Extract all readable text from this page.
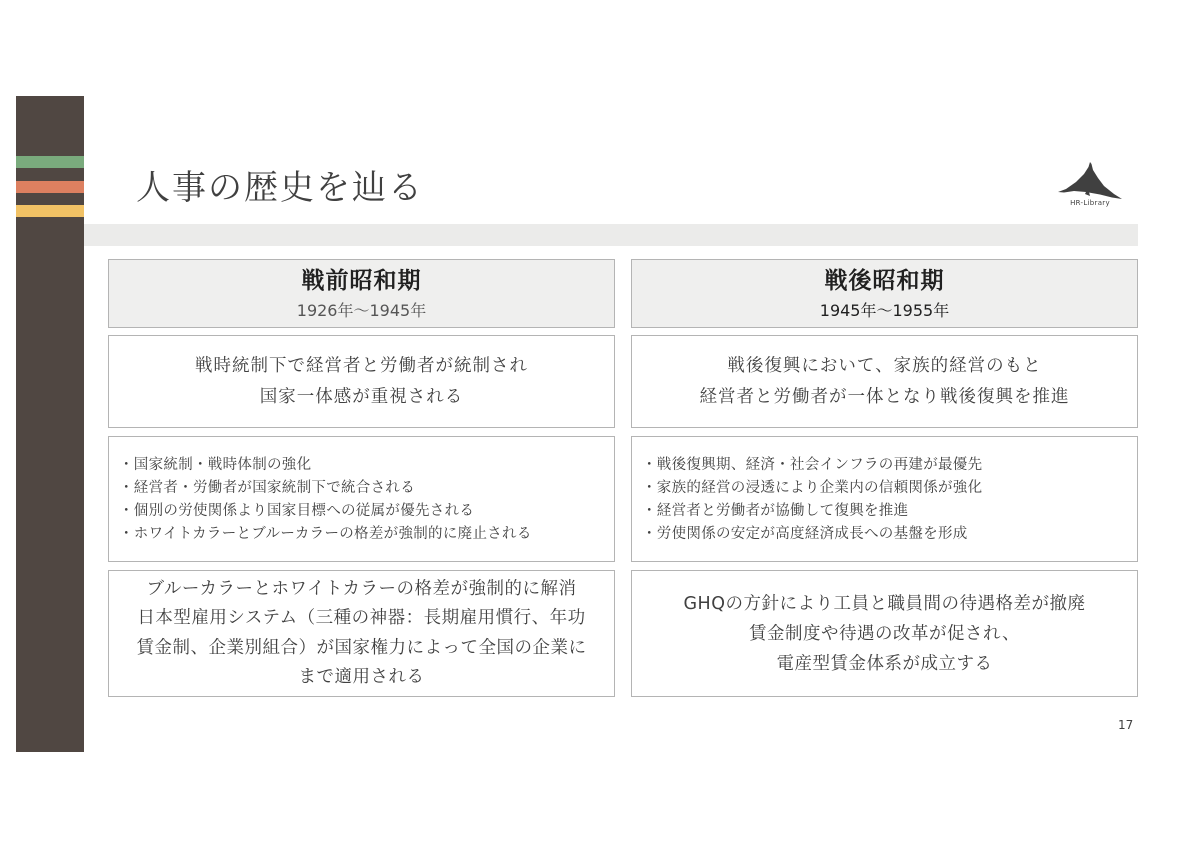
人事の歴史を辿る	HR-Library
戦前昭和期
1926年～1945年
戦時統制下で経営者と労働者が統制され
国家一体感が重視される
・国家統制・戦時体制の強化
・経営者・労働者が国家統制下で統合される
・個別の労使関係より国家目標への従属が優先される
・ホワイトカラーとブルーカラーの格差が強制的に廃止される
ブルーカラーとホワイトカラーの格差が強制的に解消
日本型雇用システム（三種の神器：長期雇用慣行、年功
賃金制、企業別組合）が国家権力によって全国の企業に
まで適用される
戦後昭和期
1945年～1955年
戦後復興において、家族的経営のもと
経営者と労働者が一体となり戦後復興を推進
・戦後復興期、経済・社会インフラの再建が最優先
・家族的経営の浸透により企業内の信頼関係が強化
・経営者と労働者が協働して復興を推進
・労使関係の安定が高度経済成長への基盤を形成
GHQの方針により工員と職員間の待遇格差が撤廃
賃金制度や待遇の改革が促され、
電産型賃金体系が成立する
17
